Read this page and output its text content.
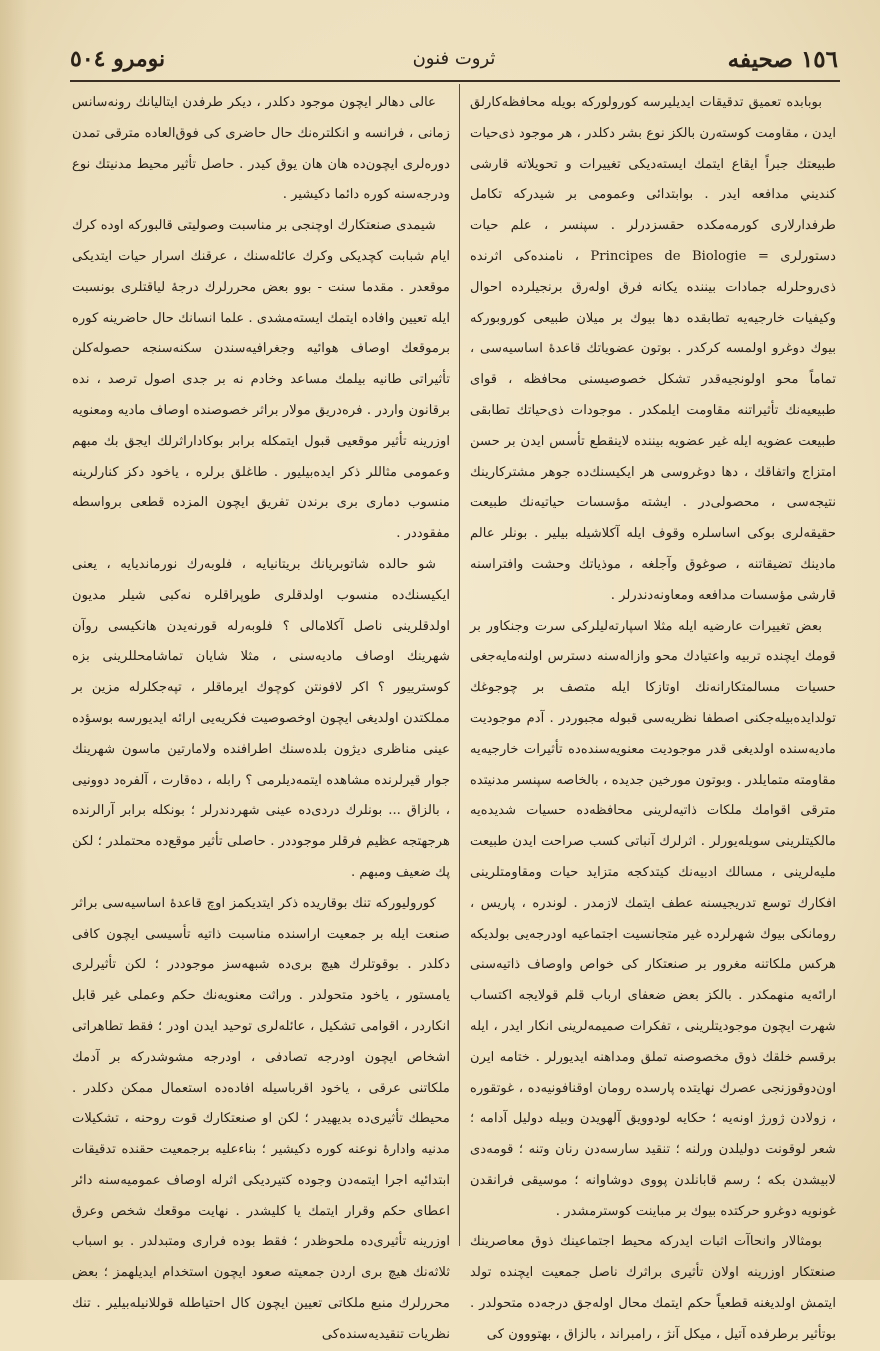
١٥٦ صحيفه
ثروت فنون
نومرو ٥٠٤

بوبابده تعميق تدقيقات ايديليرسه كورولوركه بويله محافظه‌كارلق ايدن ، مقاومت كوستەرن بالكز نوع بشر دكلدر ، هر موجود ذی‌حیات طبیعتك جبراً ایقاع ایتمك ایسته‌دیكی تغییرات و تحويلاته قارشی كنديني مدافعه ايدر . بوابتدائی وعمومی بر شیدركه تكامل طرفدارلاری كورمه‌مكده حقسزدرلر . سپنسر ، علم حیات دستورلری = Principes de Biologie ، نامنده‌كی اثرنده ذی‌روحلرله جمادات بیننده یكانه فرق اوله‌رق برنجیلرده احوال وكيفيات خارجیه‌یه تطابقده دها بیوك بر میلان طبیعی كوروبوركه بیوك دوغرو اولمسه كركدر . بوتون عضویاتك قاعدهٔ اساسیه‌سی ، تماماً محو اولونجیه‌قدر تشكل خصوصیسنی محافظه ، قوای طبیعیه‌نك تأثیراتنه مقاومت ایلمكدر . موجودات ذی‌حیاتك تطابقی طبیعت عضویه ایله غیر عضویه بیننده لاینقطع تأسس ایدن بر حسن امتزاج واتفاقك ، دها دوغروسی هر ایكیسنك‌ده جوهر مشتركارینك نتیجه‌سی ، محصولی‌در . ایشته مؤسسات حیاتیه‌نك طبیعت حقیقه‌لری بوكی اساسلره وقوف ایله آكلاشیله بیلیر . بونلر عالم مادینك تضیقاتنه ، صوغوق وآجلغه ، موذیاتك وحشت وافتراسنه قارشی مؤسسات مدافعه ومعاونه‌دندرلر .

بعض تغییرات عارضیه ایله مثلا اسپارته‌لیلركی سرت وجنكاور بر قومك ایچنده تربیه واعتیادك محو وازاله‌سنه دسترس اولنه‌مایه‌جغی حسیات مسالمتكارانه‌نك اوتازكا ایله متصف بر چوجوغك تولدایده‌بیله‌جكنی اصطفا نظریه‌سی قبوله مجبوردر . آدم موجودیت مادیه‌سنده اولدیغی قدر موجودیت معنویه‌سنده‌ده تأثیرات خارجیه‌یه مقاومته متمایلدر . وبوتون مورخین جدیده ، بالخاصه سپنسر مدنیتده مترقی اقوامك ملكات ذاتیه‌لرینی محافظه‌ده حسیات شدیده‌یه مالكیتلرینی سویله‌یورلر . اثرلرك آنباتی كسب صراحت ایدن طبیعت ملیه‌لرینی ، مسالك ادبیه‌نك كیتدكجه متزاید حیات ومقاومتلرینی افكارك توسع تدریجیسنه عطف ایتمك لازمدر . لوندره ، پاریس ، رومانكی بیوك شهرلرده غیر متجانسیت اجتماعیه اودرجه‌یی بولدیكه هركس ملكاتنه مغرور بر صنعتكار كی خواص واوصاف ذاتیه‌سنی ارائه‌یه منهمكدر . بالكز بعض ضعفای ارباب قلم قولایجه اكتساب شهرت ایچون موجودیتلرینی ، تفكرات صمیمه‌لرینی انكار ایدر ، ایله برقسم خلقك ذوق مخصوصنه تملق ومداهنه ایدیورلر . ختامه ایرن اون‌دوقوزنجی عصرك نهایتده پارسده رومان اوقنافونیه‌ده ، غوتقوره ، زولادن ژورژ اونه‌یه ؛ حكایه لودوویق آلهویدن وبیله دوليل آدامه ؛ شعر لوقونت دولیلدن ورلنه ؛ تنقید سارسه‌دن رنان وتنه ؛ قومه‌دی لابیشدن بكه ؛ رسم قابانلدن پووی دوشاوانه ؛ موسیقی فرانقدن غونویه دوغرو حركتده بیوك بر مباینت كوسترمشدر .

بومثالار وانحاآت اثبات ایدركه محیط اجتماعینك ذوق معاصرینك صنعتكار اوزرینه اولان تأثیری براثرك ناصل جمعیت ایچنده تولد ایتمش اولدیغنه قطعیاً حكم ایتمك محال اوله‌جق درجه‌ده متحولدر . بوتأثیر برطرفده آتیل ، میكل آنژ ، رامبراند ، بالزاق ، بهتووون كی

عالی دهالر ایچون موجود دكلدر ، دیكر طرفدن ایتالیانك رونه‌سانس زمانی ، فرانسه و انكلتره‌نك حال حاضری كی فوق‌العاده مترقی تمدن دوره‌لری ایچون‌ده هان هان یوق كیدر . حاصل تأثیر محیط مدنیتك نوع ودرجه‌سنه كوره دائما دكیشیر .

شیمدی صنعتكارك اوچنجی بر مناسبت وصولیتی قالبوركه اوده كرك ایام شبابت كچدیكی وكرك عائله‌سنك ، عرقنك اسرار حیات ایتدیكی موقعدر . مقدما سنت - بوو بعض محررلرك درجهٔ لیاقتلری بونسبت ایله تعیین وافاده ایتمك ایسته‌مشدی . علما انسانك حال حاضرینه كوره برموقعك اوصاف هوائیه وجغرافیه‌سندن سكنه‌سنجه حصوله‌كلن تأثیراتی طانیه بیلمك مساعد وخادم نه بر جدی اصول ترصد ، نده برقانون واردر . فره‌دریق مولار براثر خصوصنده اوصاف مادیه ومعنویه اوزرینه تأثیر موقعیی قبول ایتمكله برابر بوكاداراثرلك ایجق بك مبهم وعمومی مثاللر ذكر ایده‌بیلیور . طاغلق برلره ، یاخود دكز كنارلرینه منسوب دماری بری برندن تفریق ایچون المزده قطعی برواسطه مفقوددر .

شو حالده شاتوبریانك بریتانیایه ، فلوبه‌رك نورماندیایه ، یعنی ایكیسنك‌ده منسوب اولدقلری طوپراقلره نه‌كبی شیلر مدیون اولدقلرینی ناصل آكلامالی ؟ فلوبه‌رله قورنه‌یدن هانكیسی روآن شهرینك اوصاف مادیه‌سنی ، مثلا شایان تماشامحللرینی بزه كوسترییور ؟ اكر لافونتن كوچوك ایرماقلر ، تپه‌جكلرله مزین بر مملكتدن اولدیغی ایچون اوخصوصیت فكریه‌یی ارائه ایدیورسه بوسؤده عینی مناظری دیژون بلده‌سنك اطرافنده ولامارتین ماسون شهرینك جوار قیرلرنده مشاهده ایتمه‌دیلرمی ؟ رابله ، ده‌قارت ، آلفره‌د دوونیی ، بالزاق ... بونلرك دردی‌ده عینی شهردندرلر ؛ بونكله برابر آرالرنده هرجهتجه عظیم فرقلر موجوددر . حاصلی تأثیر موقع‌ده محتملدر ؛ لكن پك ضعیف ومبهم .

كورولیوركه تنك بوقاریده ذكر ایتدیكمز اوچ قاعدهٔ اساسیه‌سی براثر صنعت ایله بر جمعیت اراسنده مناسبت ذاتیه تأسیسی ایچون كافی دكلدر . بوقوتلرك هیچ بری‌ده شبهه‌سز موجوددر ؛ لكن تأثیرلری یامستور ، یاخود متحولدر . وراثت معنویه‌نك حكم وعملی غیر قابل انكاردر ، اقوامی تشكیل ، عائله‌لری توحید ایدن اودر ؛ فقط تطاهراتی اشخاص ایچون اودرجه تصادفی ، اودرجه مشوشدركه بر آدمك ملكاتنی عرقی ، یاخود اقرباسیله افاده‌ده استعمال ممكن دكلدر . محیطك تأثیری‌ده بدیهیدر ؛ لكن او صنعتكارك قوت روحنه ، تشكیلات مدنیه وادارهٔ نوعنه كوره دكیشیر ؛ بناءعلیه برجمعیت حقنده تدقیقات ابتدائیه اجرا ایتمه‌دن وجوده كتیردیكی اثرله اوصاف عمومیه‌سنه دائر اعطای حكم وقرار ایتمك یا كلیشدر . نهایت موقعك شخص وعرق اوزرینه تأثیری‌ده ملحوظدر ؛ فقط بوده فراری ومتبدلدر . بو اسباب ثلاثه‌نك هیچ بری اردن جمعیته صعود ایچون استخدام ایدیلهمز ؛ بعض محررلرك منبع ملكاتی تعیین ایچون كال احتیاطله قوللانیله‌بیلیر . تنك نظریات تنقیدیه‌سنده‌كی
